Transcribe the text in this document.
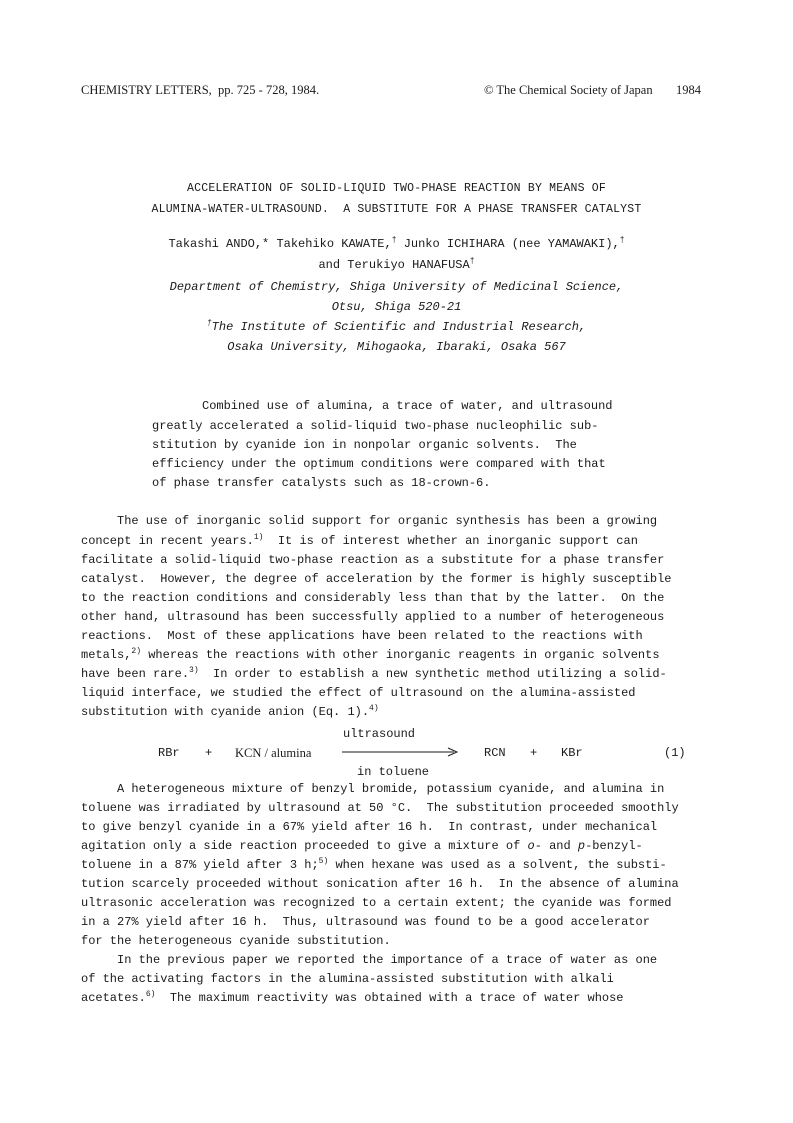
CHEMISTRY LETTERS,  pp. 725 - 728, 1984.	© The Chemical Society of Japan 1984
ACCELERATION OF SOLID-LIQUID TWO-PHASE REACTION BY MEANS OF
ALUMINA-WATER-ULTRASOUND.  A SUBSTITUTE FOR A PHASE TRANSFER CATALYST
Takashi ANDO,* Takehiko KAWATE,† Junko ICHIHARA (nee YAMAWAKI),†
and Terukiyo HANAFUSA†
Department of Chemistry, Shiga University of Medicinal Science,
Otsu, Shiga 520-21
†The Institute of Scientific and Industrial Research,
Osaka University, Mihogaoka, Ibaraki, Osaka 567
Combined use of alumina, a trace of water, and ultrasound
greatly accelerated a solid-liquid two-phase nucleophilic sub-
stitution by cyanide ion in nonpolar organic solvents.  The
efficiency under the optimum conditions were compared with that
of phase transfer catalysts such as 18-crown-6.
The use of inorganic solid support for organic synthesis has been a growing
concept in recent years.$^{1)}$  It is of interest whether an inorganic support can
facilitate a solid-liquid two-phase reaction as a substitute for a phase transfer
catalyst.  However, the degree of acceleration by the former is highly susceptible
to the reaction conditions and considerably less than that by the latter.  On the
other hand, ultrasound has been successfully applied to a number of heterogeneous
reactions.  Most of these applications have been related to the reactions with
metals,$^{2)}$ whereas the reactions with other inorganic reagents in organic solvents
have been rare.$^{3)}$  In order to establish a new synthetic method utilizing a solid-
liquid interface, we studied the effect of ultrasound on the alumina-assisted
substitution with cyanide anion (Eq. 1).$^{4)}$
RBr + KCN / alumina
ultrasound
in toluene
RCN + KBr	(1)
A heterogeneous mixture of benzyl bromide, potassium cyanide, and alumina in
toluene was irradiated by ultrasound at 50 °C.  The substitution proceeded smoothly
to give benzyl cyanide in a 67% yield after 16 h.  In contrast, under mechanical
agitation only a side reaction proceeded to give a mixture of o- and p-benzyl-
toluene in a 87% yield after 3 h;$^{5)}$ when hexane was used as a solvent, the substi-
tution scarcely proceeded without sonication after 16 h.  In the absence of alumina
ultrasonic acceleration was recognized to a certain extent; the cyanide was formed
in a 27% yield after 16 h.  Thus, ultrasound was found to be a good accelerator
for the heterogeneous cyanide substitution.
In the previous paper we reported the importance of a trace of water as one
of the activating factors in the alumina-assisted substitution with alkali
acetates.$^{6)}$  The maximum reactivity was obtained with a trace of water whose
